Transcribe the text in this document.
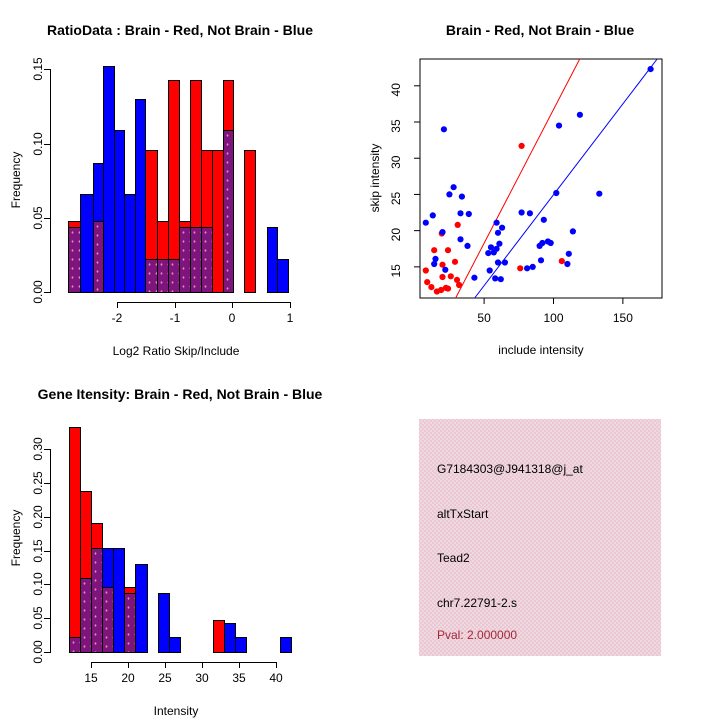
RatioData : Brain - Red, Not Brain - Blue
Frequency
Log2 Ratio Skip/Include
0.00
0.05
0.10
0.15
-2	-1	0	1
Brain - Red, Not Brain - Blue
50	100	150
15
20
25
30
35
40
skip intensity
include intensity
Gene Itensity: Brain - Red, Not Brain - Blue
Frequency
Intensity
0.00
0.05
0.10
0.15
0.20
0.25
0.30
15	20	25	30	35	40
G7184303@J941318@j_at
altTxStart
Tead2
chr7.22791-2.s
Pval: 2.000000
